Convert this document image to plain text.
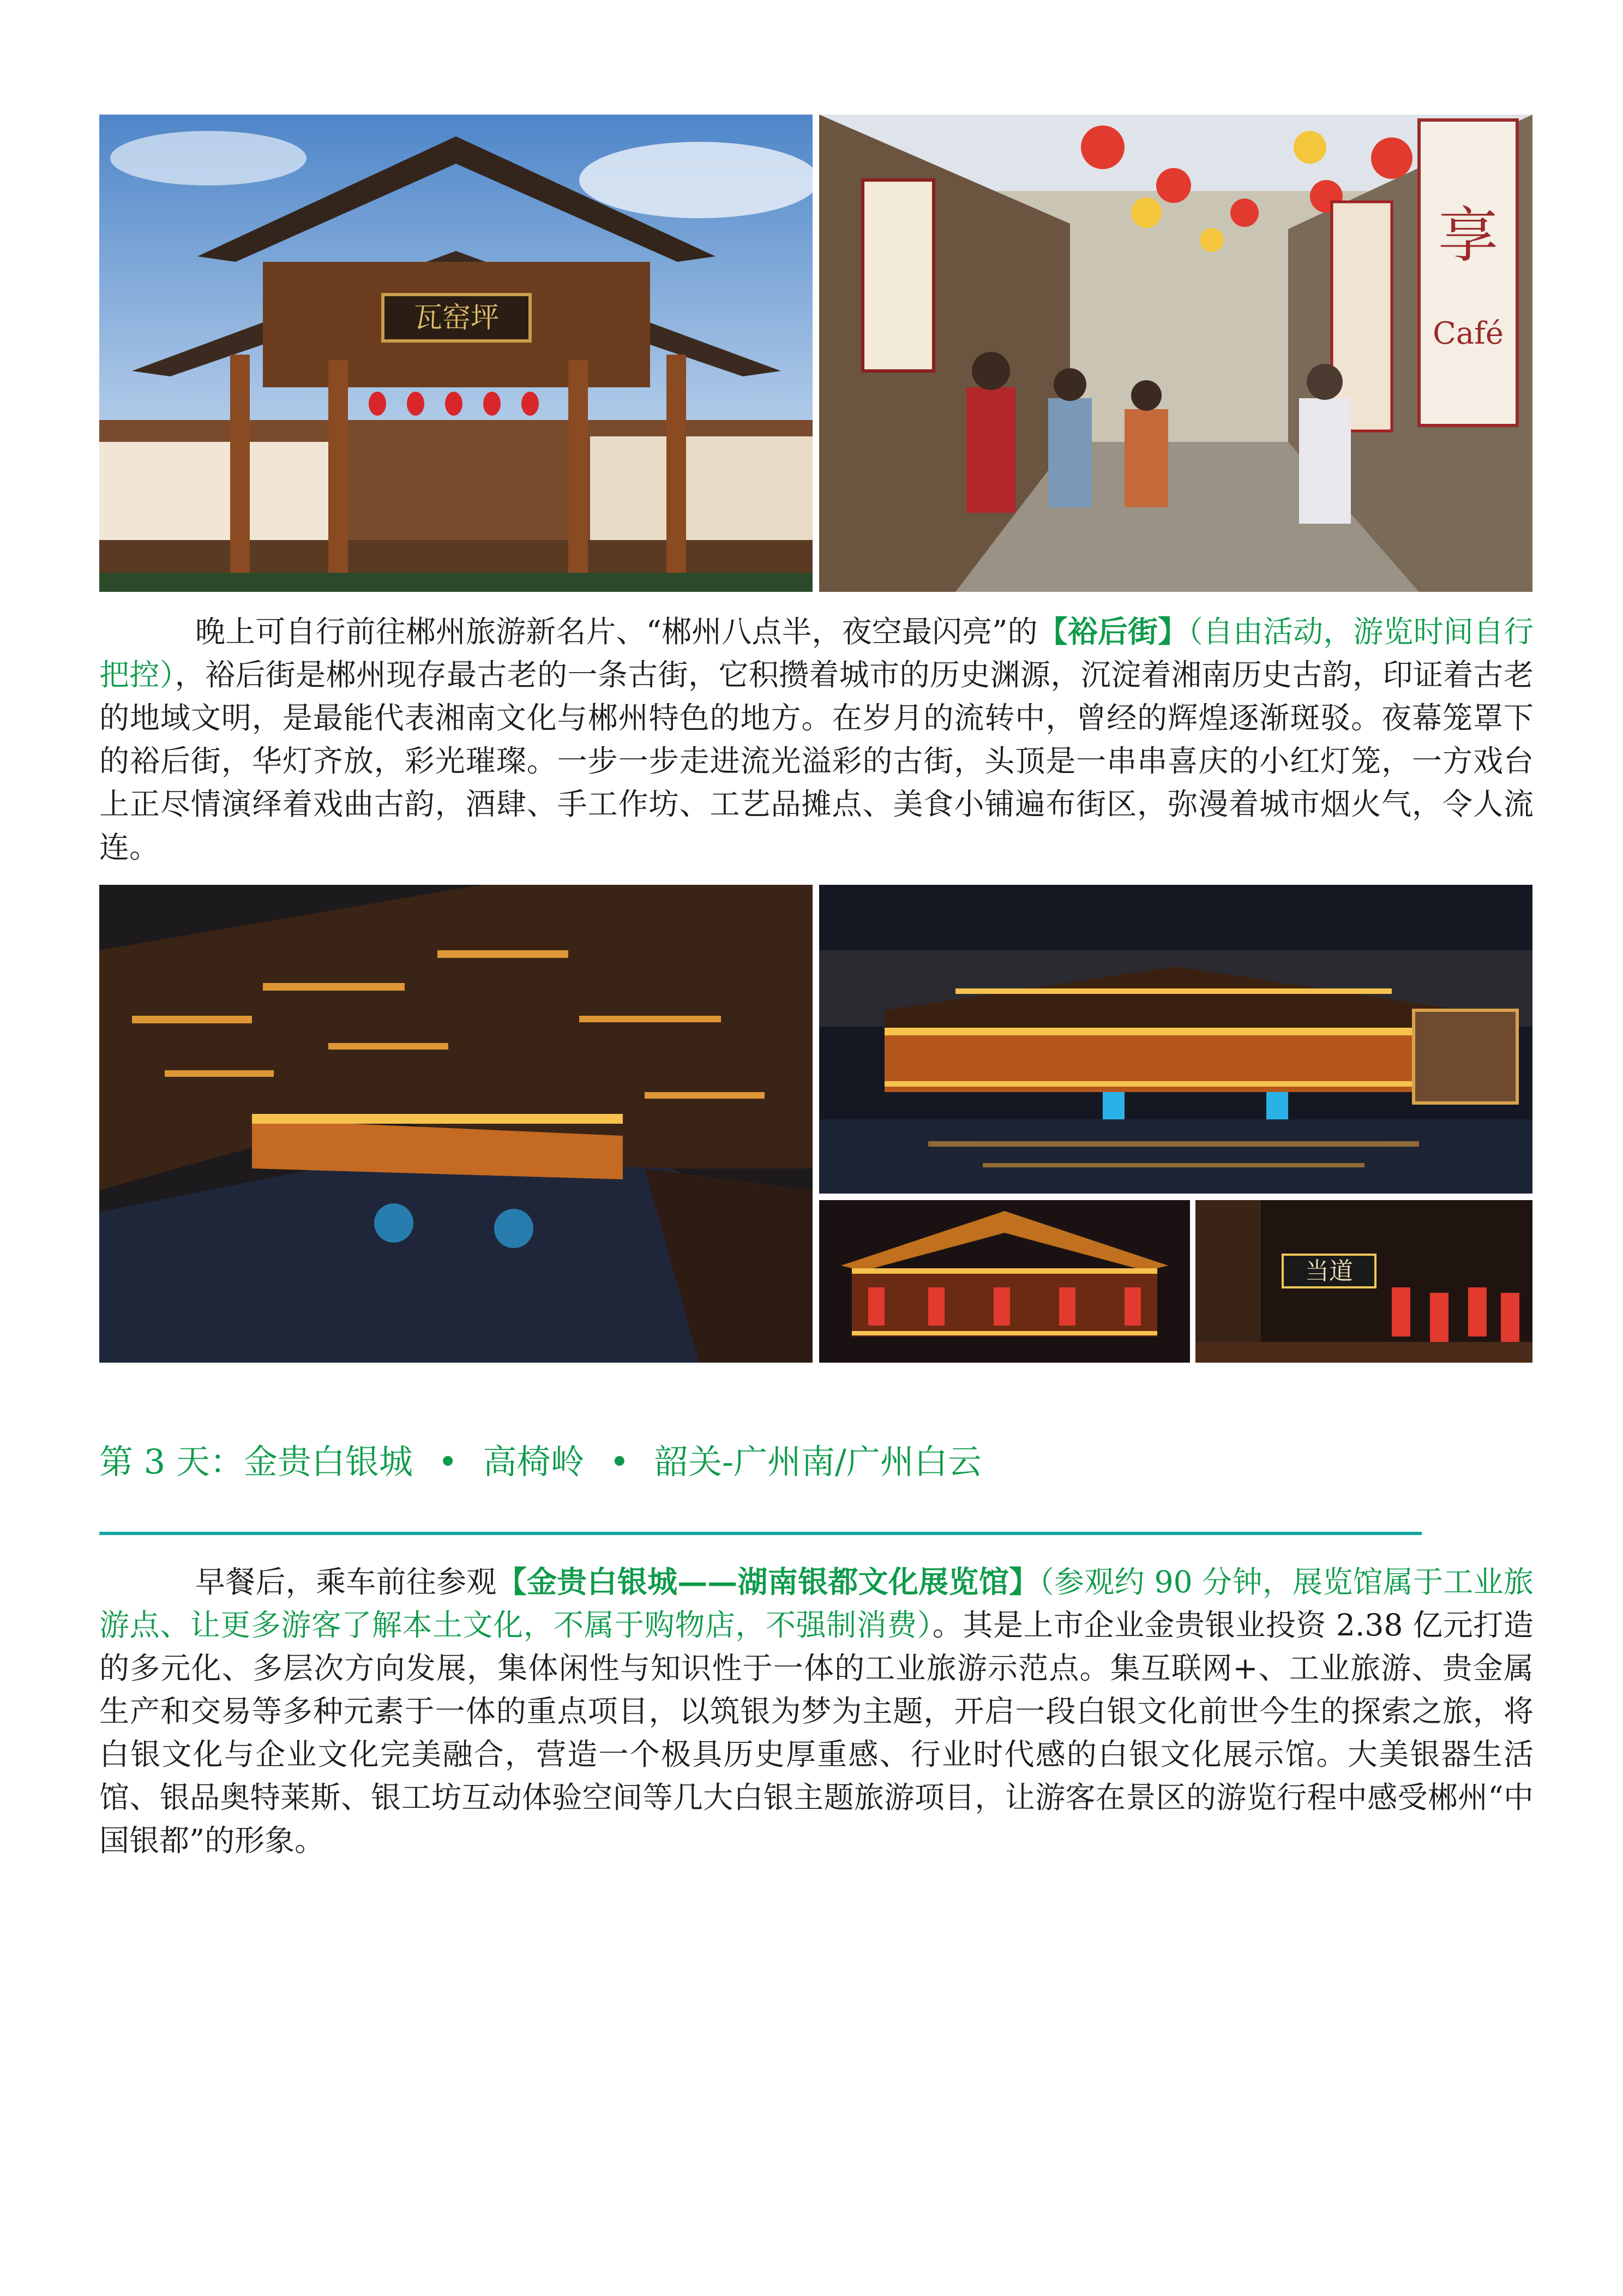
瓦窑坪
享
Café

晚上可自行前往郴州旅游新名片、“郴州八点半，夜空最闪亮”的【裕后街】（自由活动，游览时间自行把控），裕后街是郴州现存最古老的一条古街，它积攒着城市的历史渊源，沉淀着湘南历史古韵，印证着古老的地域文明，是最能代表湘南文化与郴州特色的地方。在岁月的流转中，曾经的辉煌逐渐斑驳。夜幕笼罩下的裕后街，华灯齐放，彩光璀璨。一步一步走进流光溢彩的古街，头顶是一串串喜庆的小红灯笼，一方戏台上正尽情演绎着戏曲古韵，酒肆、手工作坊、工艺品摊点、美食小铺遍布街区，弥漫着城市烟火气，令人流连。

当道
第 3 天：金贵白银城 • 高椅岭 • 韶关-广州南/广州白云

早餐后，乘车前往参观【金贵白银城——湖南银都文化展览馆】（参观约 90 分钟，展览馆属于工业旅游点、让更多游客了解本土文化，不属于购物店，不强制消费）。其是上市企业金贵银业投资 2.38 亿元打造的多元化、多层次方向发展，集体闲性与知识性于一体的工业旅游示范点。集互联网+、工业旅游、贵金属生产和交易等多种元素于一体的重点项目，以筑银为梦为主题，开启一段白银文化前世今生的探索之旅，将白银文化与企业文化完美融合，营造一个极具历史厚重感、行业时代感的白银文化展示馆。大美银器生活馆、银品奥特莱斯、银工坊互动体验空间等几大白银主题旅游项目，让游客在景区的游览行程中感受郴州“中国银都”的形象。
